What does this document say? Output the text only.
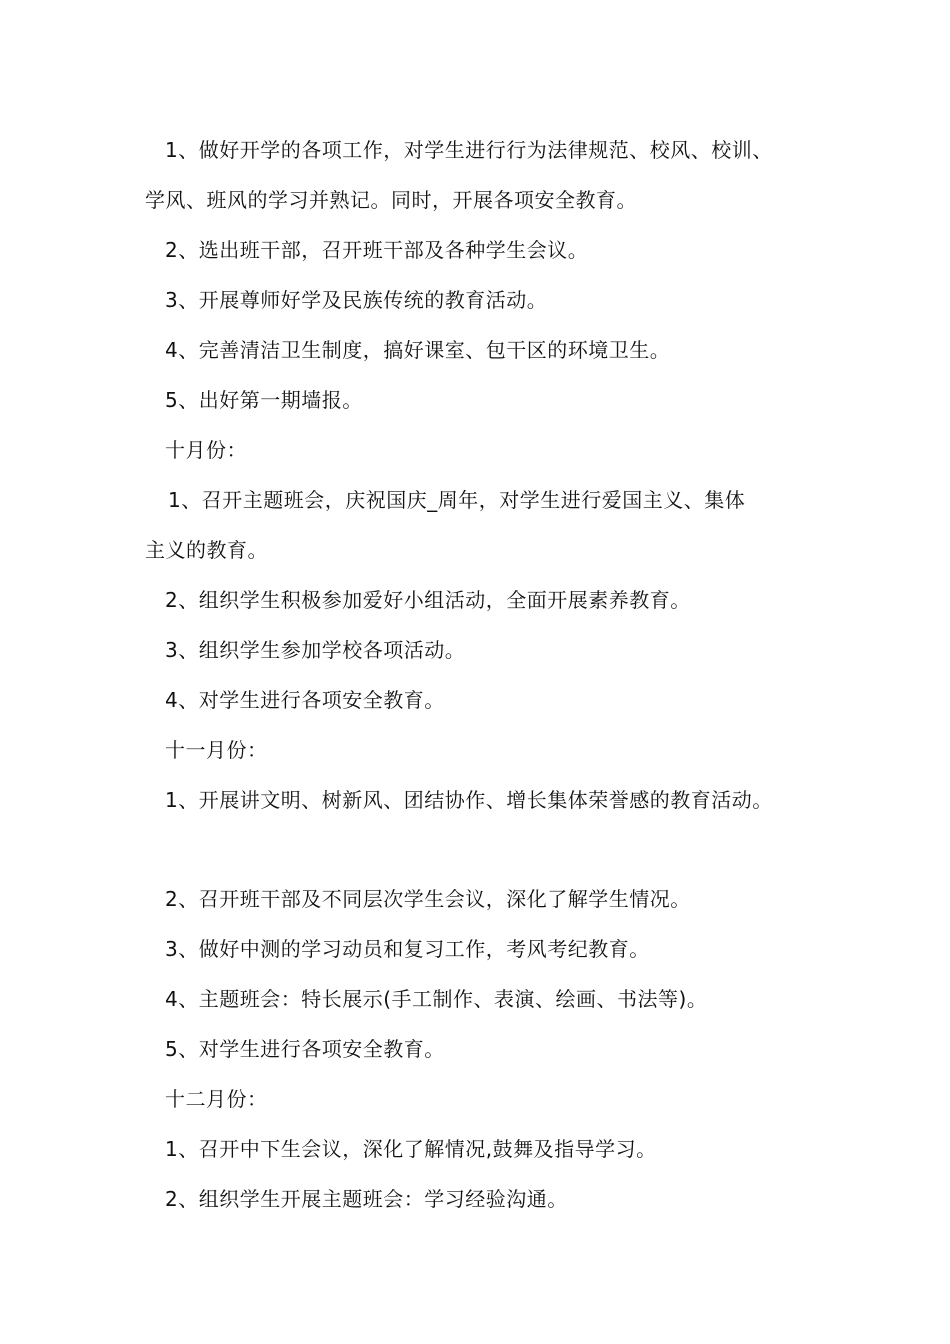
1、做好开学的各项工作，对学生进行行为法律规范、校风、校训、
学风、班风的学习并熟记。同时，开展各项安全教育。
2、选出班干部，召开班干部及各种学生会议。
3、开展尊师好学及民族传统的教育活动。
4、完善清洁卫生制度，搞好课室、包干区的环境卫生。
5、出好第一期墙报。
十月份：
1、召开主题班会，庆祝国庆_周年，对学生进行爱国主义、集体
主义的教育。
2、组织学生积极参加爱好小组活动，全面开展素养教育。
3、组织学生参加学校各项活动。
4、对学生进行各项安全教育。
十一月份：
1、开展讲文明、树新风、团结协作、增长集体荣誉感的教育活动。
2、召开班干部及不同层次学生会议，深化了解学生情况。
3、做好中测的学习动员和复习工作，考风考纪教育。
4、主题班会：特长展示(手工制作、表演、绘画、书法等)。
5、对学生进行各项安全教育。
十二月份：
1、召开中下生会议，深化了解情况,鼓舞及指导学习。
2、组织学生开展主题班会：学习经验沟通。
